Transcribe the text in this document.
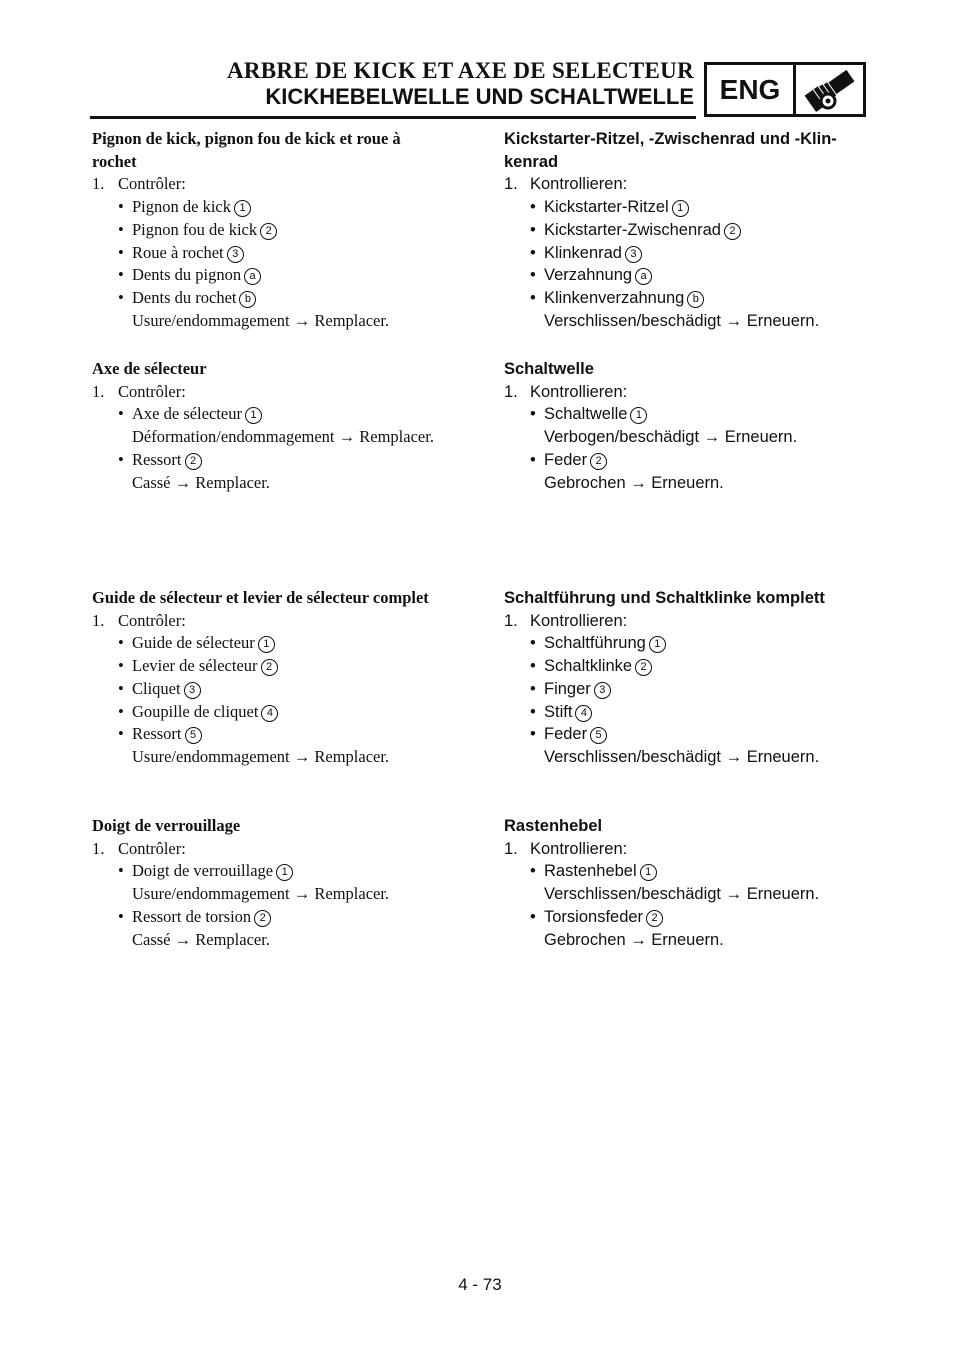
ARBRE DE KICK ET AXE DE SELECTEUR
KICKHEBELWELLE UND SCHALTWELLE ENG
Pignon de kick, pignon fou de kick et roue à
rochet
1. Contrôler:
• Pignon de kick 1
• Pignon fou de kick 2
• Roue à rochet 3
• Dents du pignon a
• Dents du rochet b
Usure/endommagement → Remplacer.
Axe de sélecteur
1. Contrôler:
• Axe de sélecteur 1
Déformation/endommagement → Remplacer.
• Ressort 2
Cassé → Remplacer.
Guide de sélecteur et levier de sélecteur complet
1. Contrôler:
• Guide de sélecteur 1
• Levier de sélecteur 2
• Cliquet 3
• Goupille de cliquet 4
• Ressort 5
Usure/endommagement → Remplacer.
Doigt de verrouillage
1. Contrôler:
• Doigt de verrouillage 1
Usure/endommagement → Remplacer.
• Ressort de torsion 2
Cassé → Remplacer.
Kickstarter-Ritzel, -Zwischenrad und -Klin-
kenrad
1. Kontrollieren:
• Kickstarter-Ritzel 1
• Kickstarter-Zwischenrad 2
• Klinkenrad 3
• Verzahnung a
• Klinkenverzahnung b
Verschlissen/beschädigt → Erneuern.
Schaltwelle
1. Kontrollieren:
• Schaltwelle 1
Verbogen/beschädigt → Erneuern.
• Feder 2
Gebrochen → Erneuern.
Schaltführung und Schaltklinke komplett
1. Kontrollieren:
• Schaltführung 1
• Schaltklinke 2
• Finger 3
• Stift 4
• Feder 5
Verschlissen/beschädigt → Erneuern.
Rastenhebel
1. Kontrollieren:
• Rastenhebel 1
Verschlissen/beschädigt → Erneuern.
• Torsionsfeder 2
Gebrochen → Erneuern.
4 - 73
